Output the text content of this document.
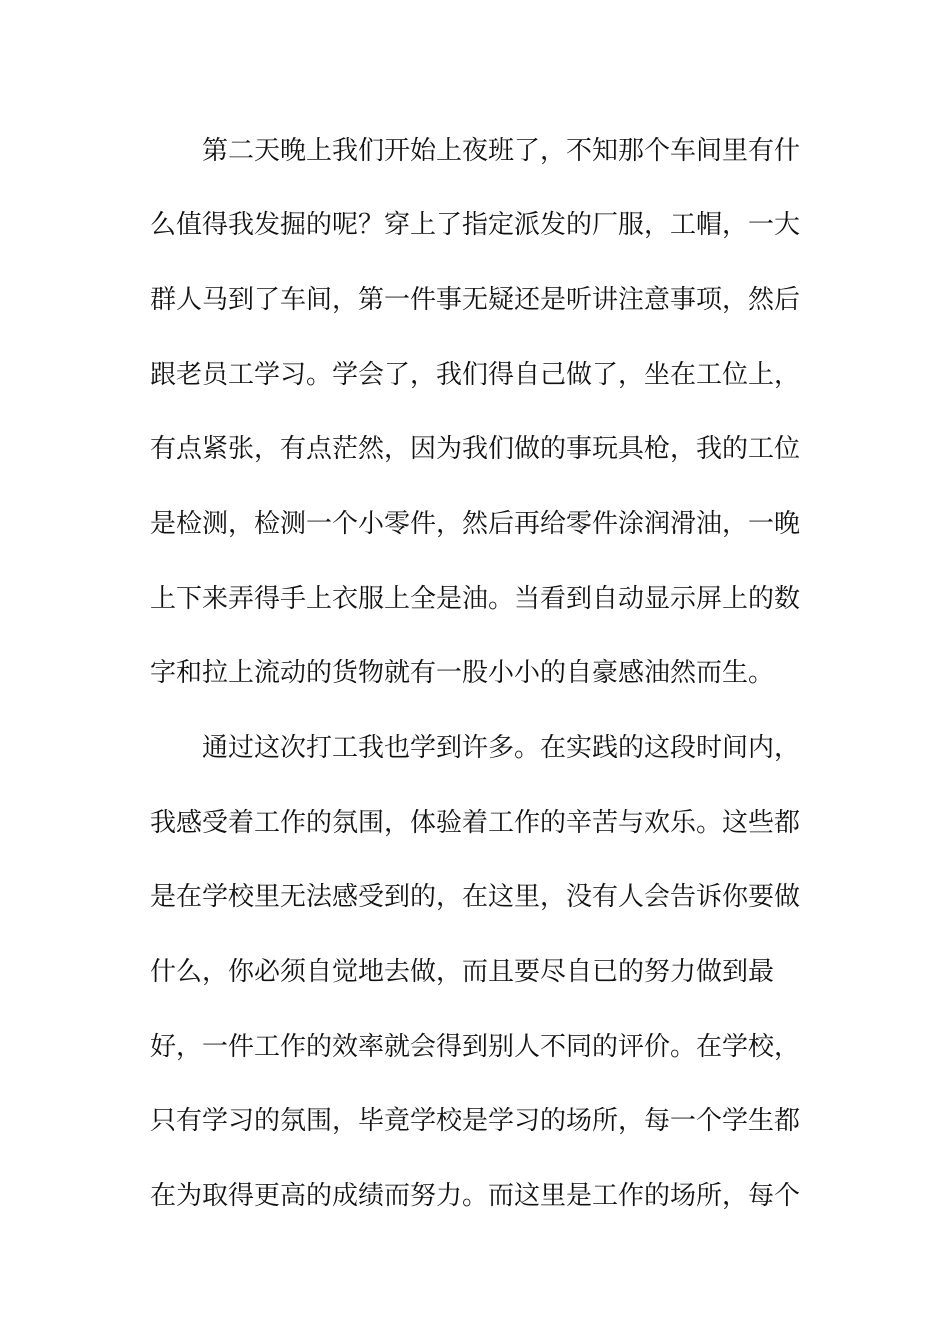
第二天晚上我们开始上夜班了，不知那个车间里有什
么值得我发掘的呢？穿上了指定派发的厂服，工帽，一大
群人马到了车间，第一件事无疑还是听讲注意事项，然后
跟老员工学习。学会了，我们得自己做了，坐在工位上，
有点紧张，有点茫然，因为我们做的事玩具枪，我的工位
是检测，检测一个小零件，然后再给零件涂润滑油，一晚
上下来弄得手上衣服上全是油。当看到自动显示屏上的数
字和拉上流动的货物就有一股小小的自豪感油然而生。
通过这次打工我也学到许多。在实践的这段时间内，
我感受着工作的氛围，体验着工作的辛苦与欢乐。这些都
是在学校里无法感受到的，在这里，没有人会告诉你要做
什么，你必须自觉地去做，而且要尽自已的努力做到最
好，一件工作的效率就会得到别人不同的评价。在学校，
只有学习的氛围，毕竟学校是学习的场所，每一个学生都
在为取得更高的成绩而努力。而这里是工作的场所，每个
